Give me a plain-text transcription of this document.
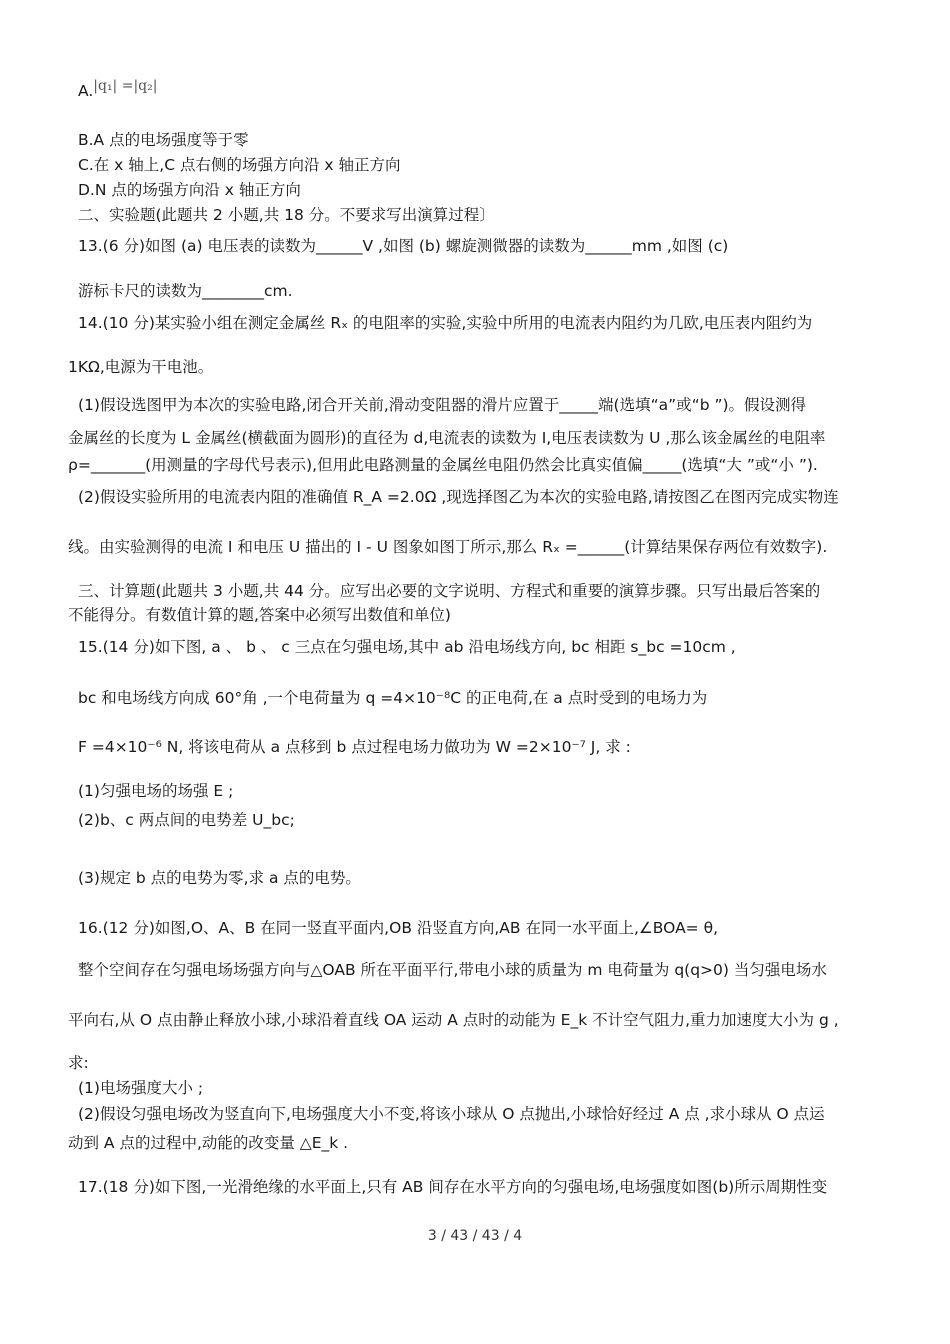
A.|q₁| =|q₂|
B.A 点的电场强度等于零
C.在 x 轴上,C 点右侧的场强方向沿 x 轴正方向
D.N 点的场强方向沿 x 轴正方向
二、实验题(此题共 2 小题,共 18 分。不要求写出演算过程〕
13.(6 分)如图 (a) 电压表的读数为______V ,如图 (b) 螺旋测微器的读数为______mm ,如图 (c)
游标卡尺的读数为________cm.
14.(10 分)某实验小组在测定金属丝 Rₓ 的电阻率的实验,实验中所用的电流表内阻约为几欧,电压表内阻约为
1KΩ,电源为干电池。
(1)假设选图甲为本次的实验电路,闭合开关前,滑动变阻器的滑片应置于_____端(选填“a”或“b ”)。假设测得
金属丝的长度为 L 金属丝(横截面为圆形)的直径为 d,电流表的读数为 I,电压表读数为 U ,那么该金属丝的电阻率
ρ=_______(用测量的字母代号表示),但用此电路测量的金属丝电阻仍然会比真实值偏_____(选填“大 ”或“小 ”).
(2)假设实验所用的电流表内阻的准确值 R_A =2.0Ω ,现选择图乙为本次的实验电路,请按图乙在图丙完成实物连
线。由实验测得的电流 I 和电压 U 描出的 I - U 图象如图丁所示,那么 Rₓ =______(计算结果保存两位有效数字).
三、计算题(此题共 3 小题,共 44 分。应写出必要的文字说明、方程式和重要的演算步骤。只写出最后答案的
不能得分。有数值计算的题,答案中必须写出数值和单位)
15.(14 分)如下图, a 、 b 、 c 三点在匀强电场,其中 ab 沿电场线方向, bc 相距 s_bc =10cm ,
bc 和电场线方向成 60°角 ,一个电荷量为 q =4×10⁻⁸C 的正电荷,在 a 点时受到的电场力为
F =4×10⁻⁶ N, 将该电荷从 a 点移到 b 点过程电场力做功为 W =2×10⁻⁷ J, 求 :
(1)匀强电场的场强 E ;
(2)b、c 两点间的电势差 U_bc;
(3)规定 b 点的电势为零,求 a 点的电势。
16.(12 分)如图,O、A、B 在同一竖直平面内,OB 沿竖直方向,AB 在同一水平面上,∠BOA= θ,
整个空间存在匀强电场场强方向与△OAB 所在平面平行,带电小球的质量为 m 电荷量为 q(q>0) 当匀强电场水
平向右,从 O 点由静止释放小球,小球沿着直线 OA 运动 A 点时的动能为 E_k 不计空气阻力,重力加速度大小为 g ,
求:
(1)电场强度大小 ;
(2)假设匀强电场改为竖直向下,电场强度大小不变,将该小球从 O 点抛出,小球恰好经过 A 点 ,求小球从 O 点运
动到 A 点的过程中,动能的改变量 △E_k .
17.(18 分)如下图,一光滑绝缘的水平面上,只有 AB 间存在水平方向的匀强电场,电场强度如图(b)所示周期性变
3 / 43 / 43 / 4
